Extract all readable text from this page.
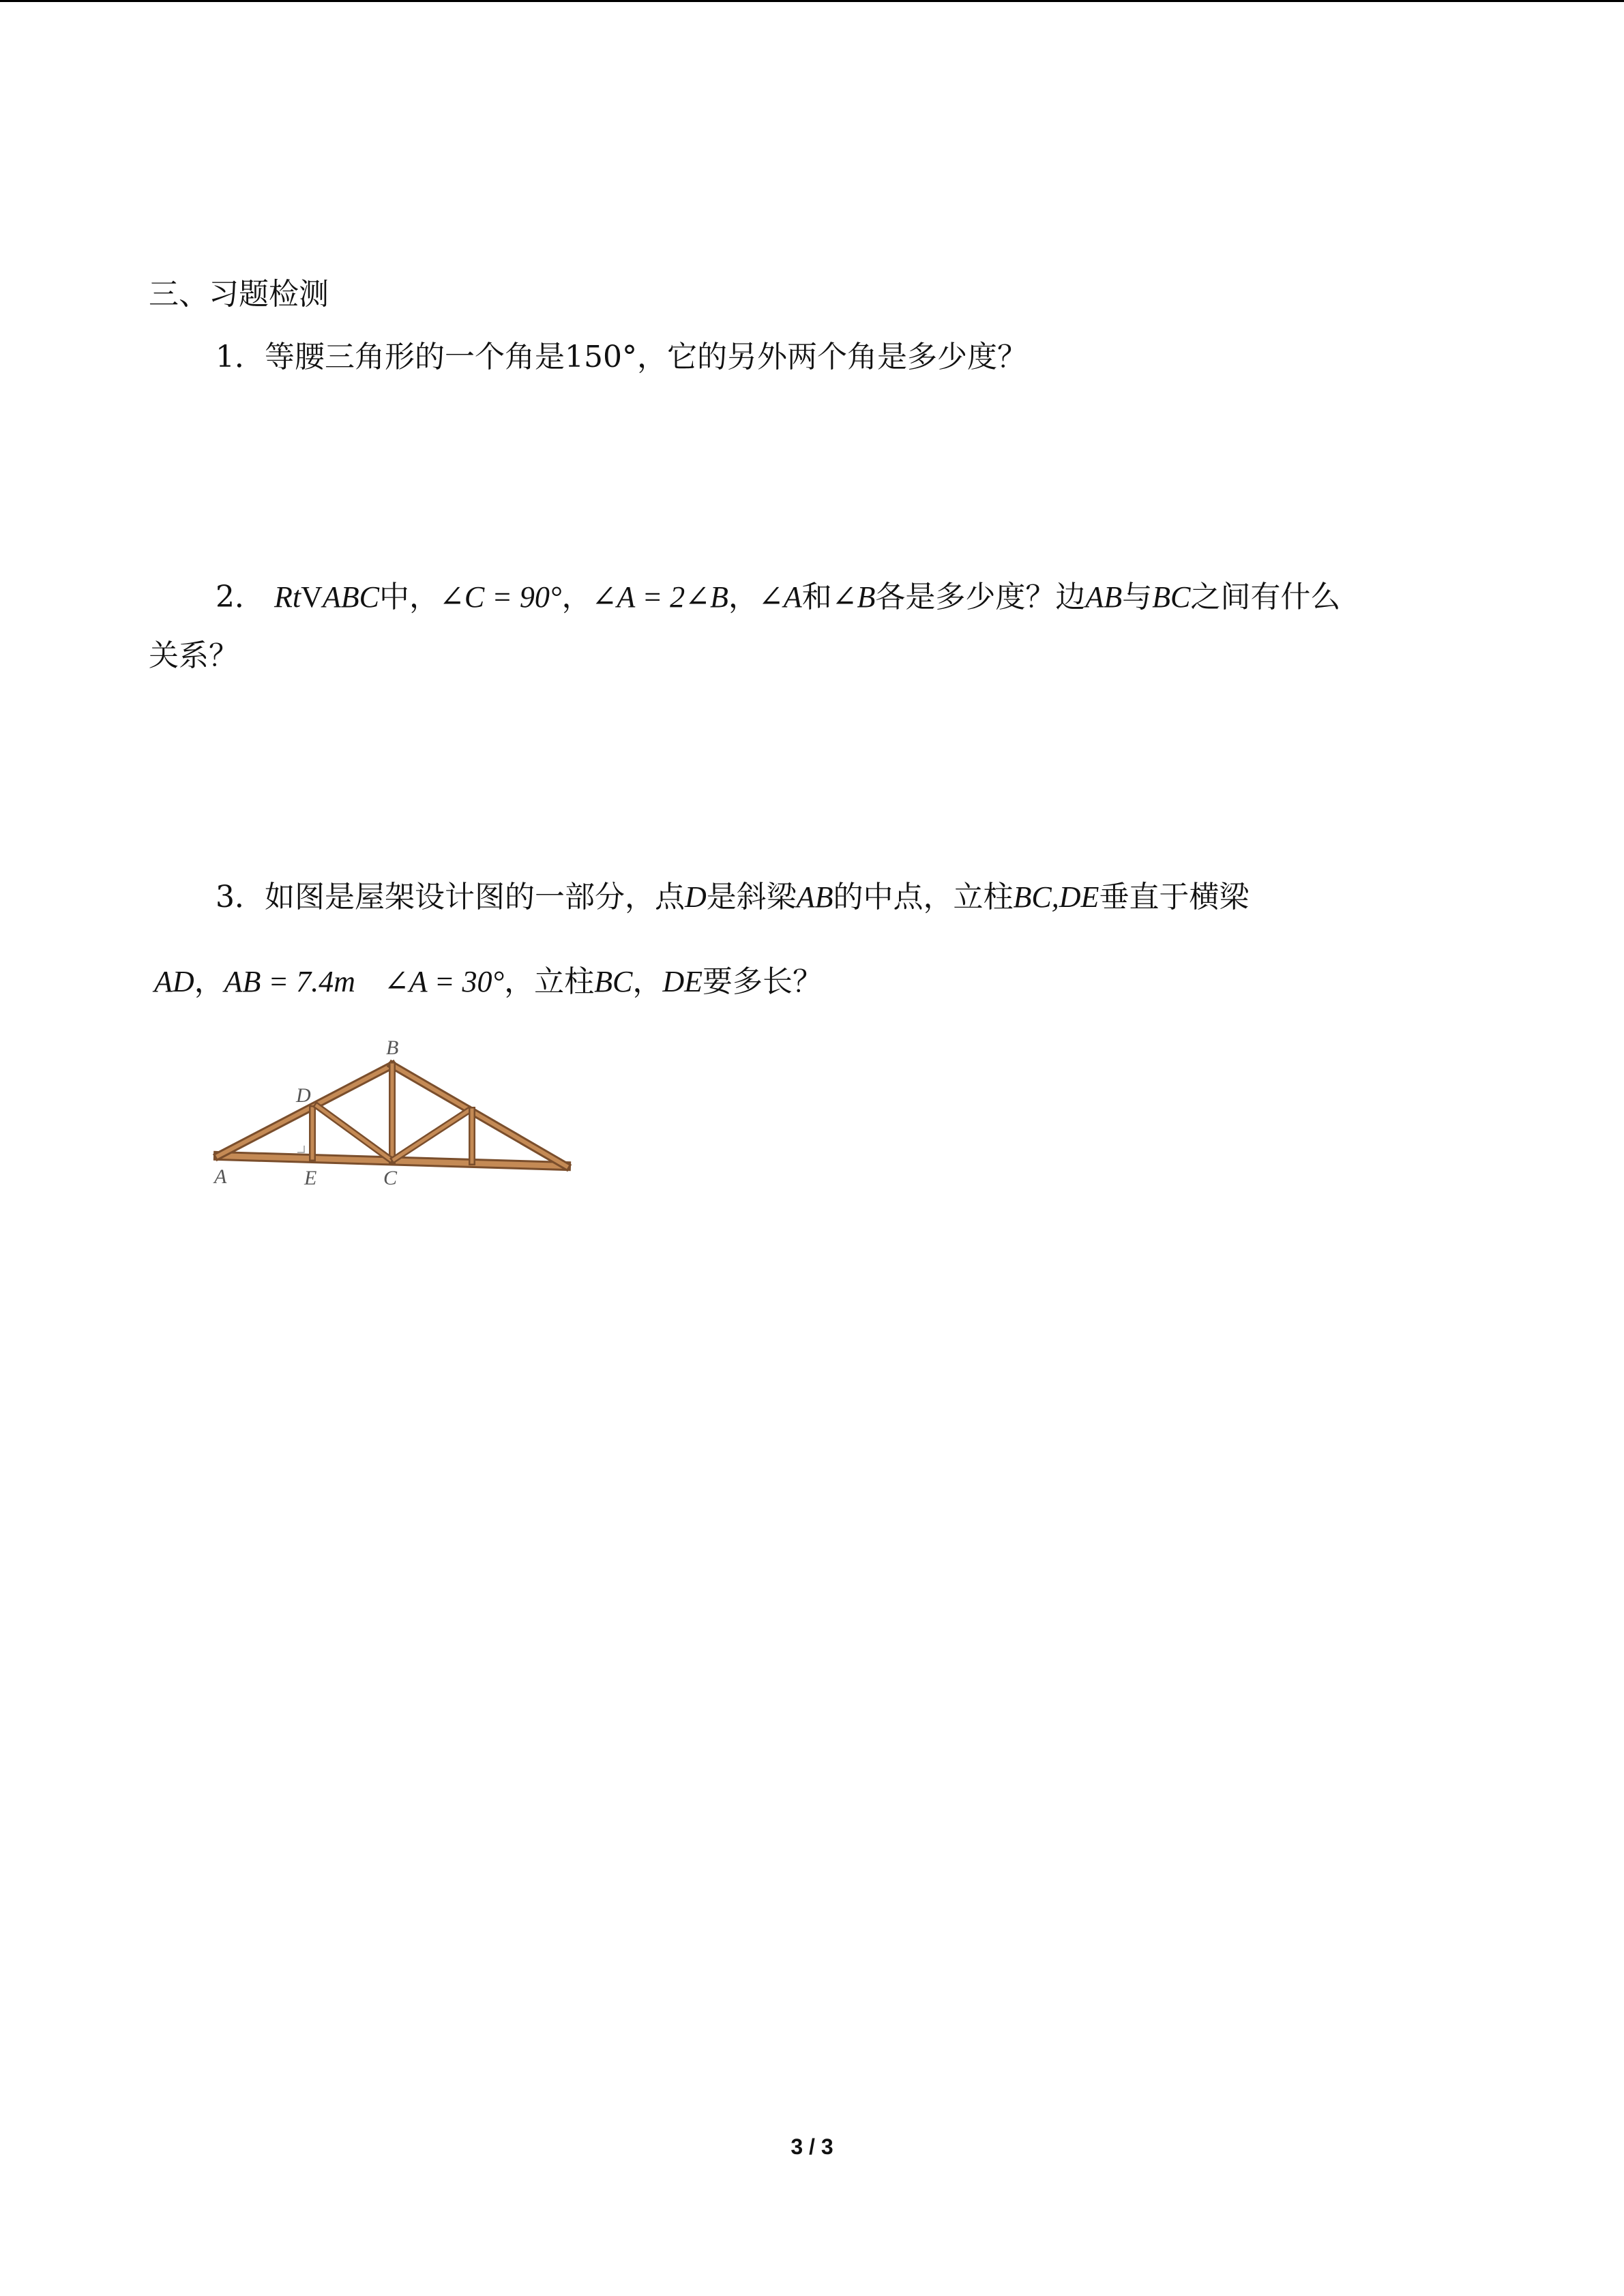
三、习题检测
1．等腰三角形的一个角是150°，它的另外两个角是多少度？
2． RtVABC中，∠C = 90°，∠A = 2∠B，∠A和∠B各是多少度？边AB与BC之间有什么
关系？
3．如图是屋架设计图的一部分，点D是斜梁AB的中点，立柱BC,DE垂直于横梁
AD，AB = 7.4m ∠A = 30°，立柱BC，DE要多长？
B
D
A	E	C
3 / 3
